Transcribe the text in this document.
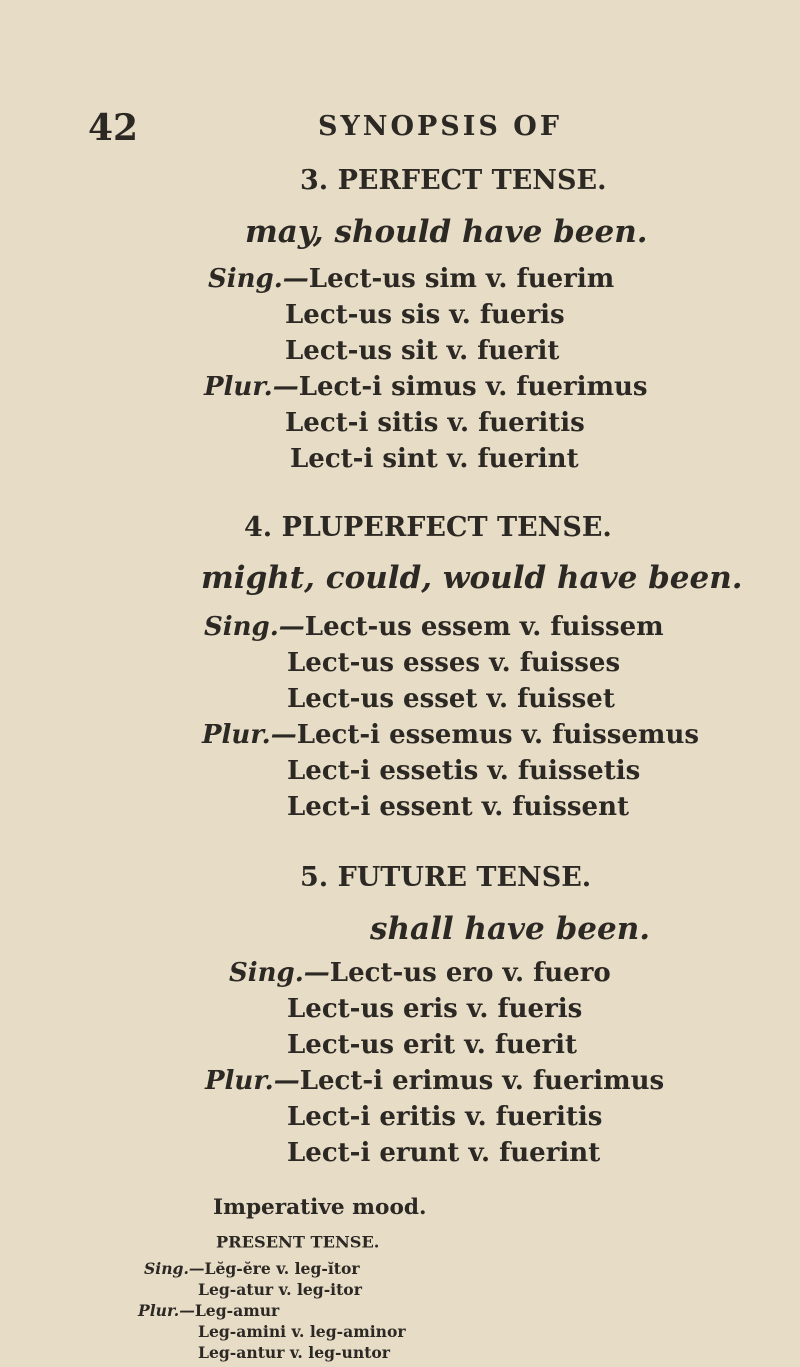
42	SYNOPSIS OF
3. PERFECT TENSE.
may, should have been.
Sing.—Lect-us sim v. fuerim
Lect-us sis v. fueris
Lect-us sit v. fuerit
Plur.—Lect-i simus v. fuerimus
Lect-i sitis v. fueritis
Lect-i sint v. fuerint
4. PLUPERFECT TENSE.
might, could, would have been.
Sing.—Lect-us essem v. fuissem
Lect-us esses v. fuisses
Lect-us esset v. fuisset
Plur.—Lect-i essemus v. fuissemus
Lect-i essetis v. fuissetis
Lect-i essent v. fuissent
5. FUTURE TENSE.
shall have been.
Sing.—Lect-us ero v. fuero
Lect-us eris v. fueris
Lect-us erit v. fuerit
Plur.—Lect-i erimus v. fuerimus
Lect-i eritis v. fueritis
Lect-i erunt v. fuerint
Imperative mood.
PRESENT TENSE.
Sing.—Lĕg-ĕre v. leg-ĭtor
Leg-atur v. leg-itor
Plur.—Leg-amur
Leg-amini v. leg-aminor
Leg-antur v. leg-untor
